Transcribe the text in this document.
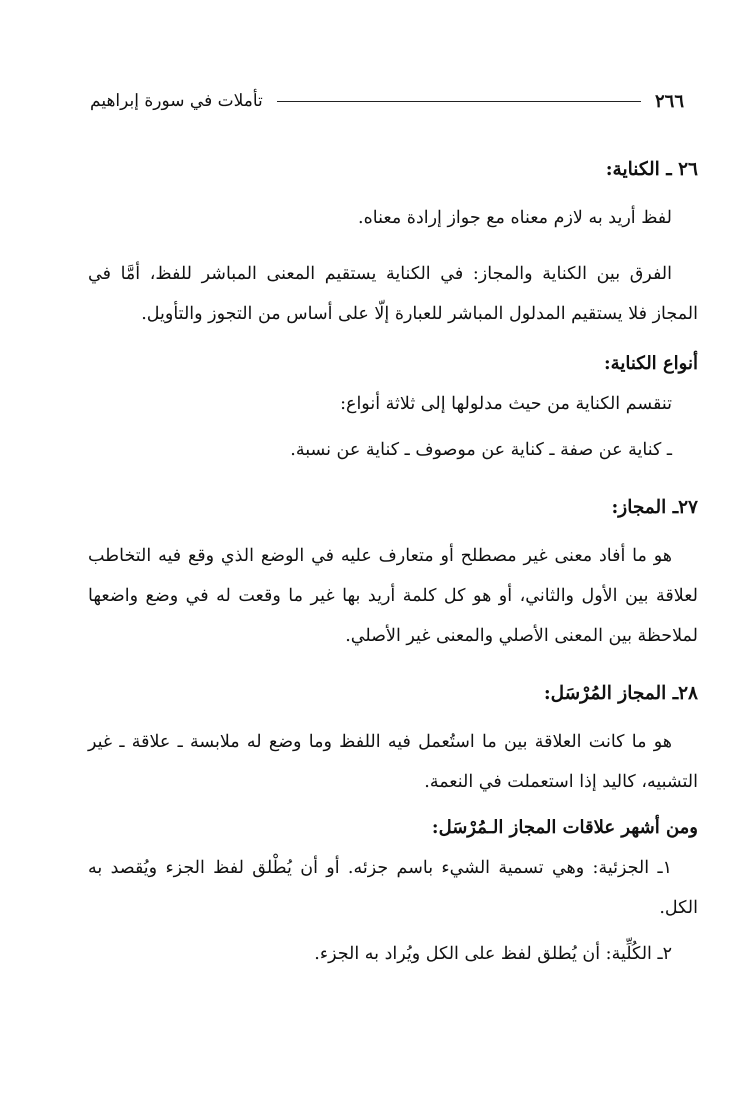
٢٦٦
تأملات في سورة إبراهيم
٢٦ ـ الكناية:

لفظ أريد به لازم معناه مع جواز إرادة معناه.

الفرق بين الكناية والمجاز: في الكناية يستقيم المعنى المباشر للفظ، أمَّا في المجاز فلا يستقيم المدلول المباشر للعبارة إلّا على أساس من التجوز والتأويل.

أنواع الكناية:

تنقسم الكناية من حيث مدلولها إلى ثلاثة أنواع:

ـ كناية عن صفة ـ كناية عن موصوف ـ كناية عن نسبة.

٢٧ـ المجاز:

هو ما أفاد معنى غير مصطلح أو متعارف عليه في الوضع الذي وقع فيه التخاطب لعلاقة بين الأول والثاني، أو هو كل كلمة أريد بها غير ما وقعت له في وضع واضعها لملاحظة بين المعنى الأصلي والمعنى غير الأصلي.

٢٨ـ المجاز المُرْسَل:

هو ما كانت العلاقة بين ما استُعمل فيه اللفظ وما وضع له ملابسة ـ علاقة ـ غير التشبيه، كاليد إذا استعملت في النعمة.

ومن أشهر علاقات المجاز الـمُرْسَل:

١ـ الجزئية: وهي تسمية الشيء باسم جزئه. أو أن يُطْلق لفظ الجزء ويُقصد به الكل.

٢ـ الكُلِّية: أن يُطلق لفظ على الكل ويُراد به الجزء.
